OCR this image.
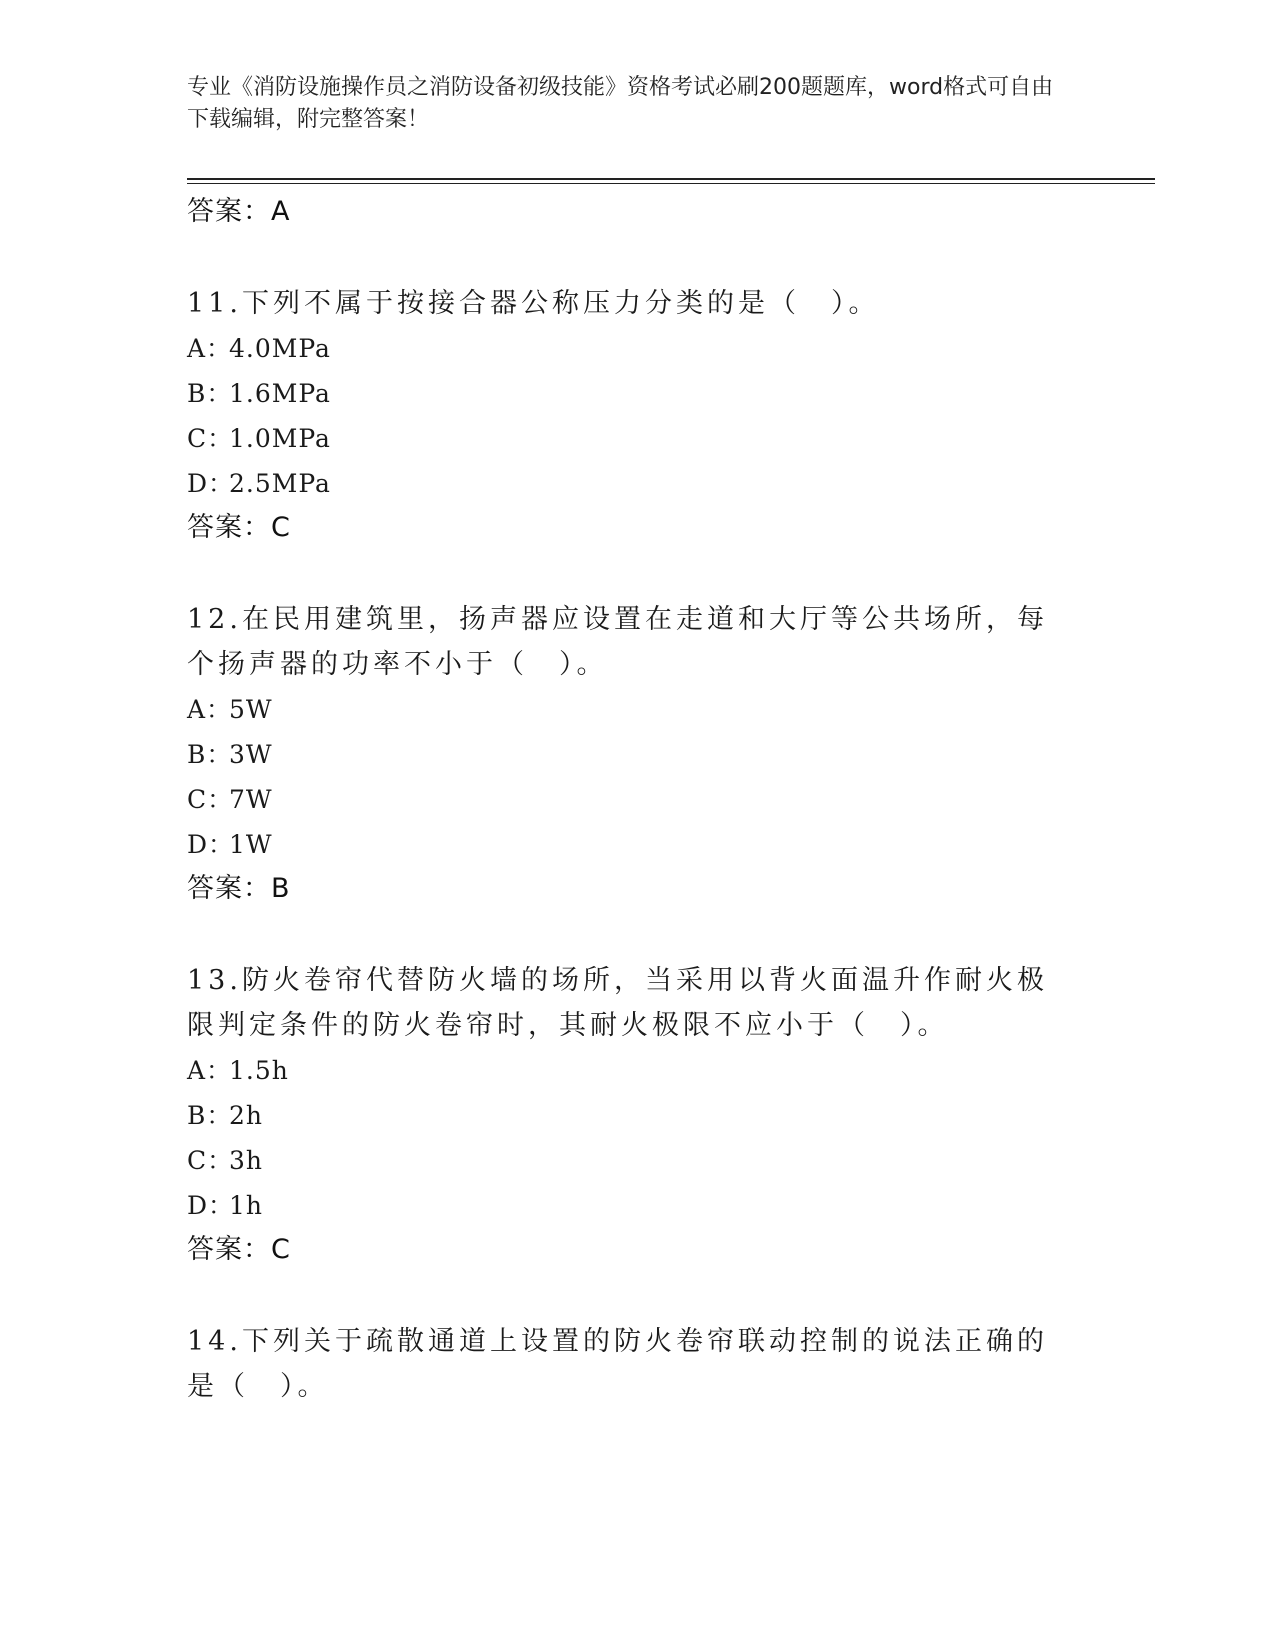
专业《消防设施操作员之消防设备初级技能》资格考试必刷200题题库，word格式可自由下载编辑，附完整答案！
答案：A
11.下列不属于按接合器公称压力分类的是（　）。
A：4.0MPa
B：1.6MPa
C：1.0MPa
D：2.5MPa
答案：C
12.在民用建筑里，扬声器应设置在走道和大厅等公共场所，每个扬声器的功率不小于（　）。
A：5W
B：3W
C：7W
D：1W
答案：B
13.防火卷帘代替防火墙的场所，当采用以背火面温升作耐火极限判定条件的防火卷帘时，其耐火极限不应小于（　）。
A：1.5h
B：2h
C：3h
D：1h
答案：C
14.下列关于疏散通道上设置的防火卷帘联动控制的说法正确的是（　）。
